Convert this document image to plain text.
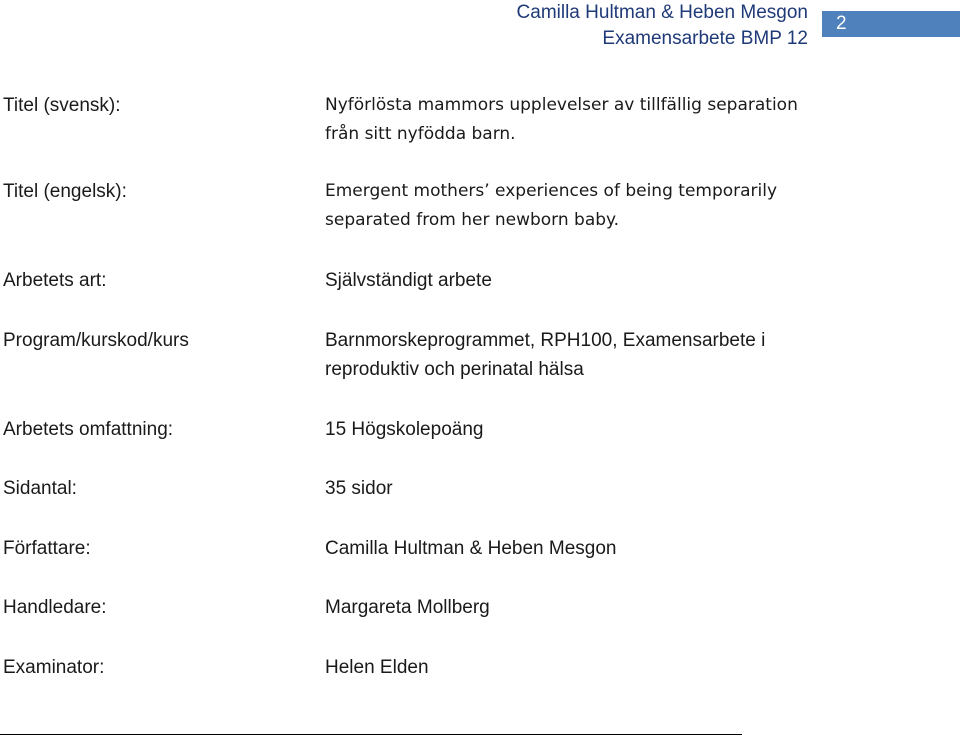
Camilla Hultman & Heben Mesgon
Examensarbete BMP 12
2
Titel (svensk):	Nyförlösta mammors upplevelser av tillfällig separation
från sitt nyfödda barn.
Titel (engelsk):	Emergent mothers’ experiences of being temporarily
separated from her newborn baby.
Arbetets art:	Självständigt arbete
Program/kurskod/kurs	Barnmorskeprogrammet, RPH100, Examensarbete i
reproduktiv och perinatal hälsa
Arbetets omfattning:	15 Högskolepoäng
Sidantal:	35 sidor
Författare:	Camilla Hultman & Heben Mesgon
Handledare:	Margareta Mollberg
Examinator:	Helen Elden
